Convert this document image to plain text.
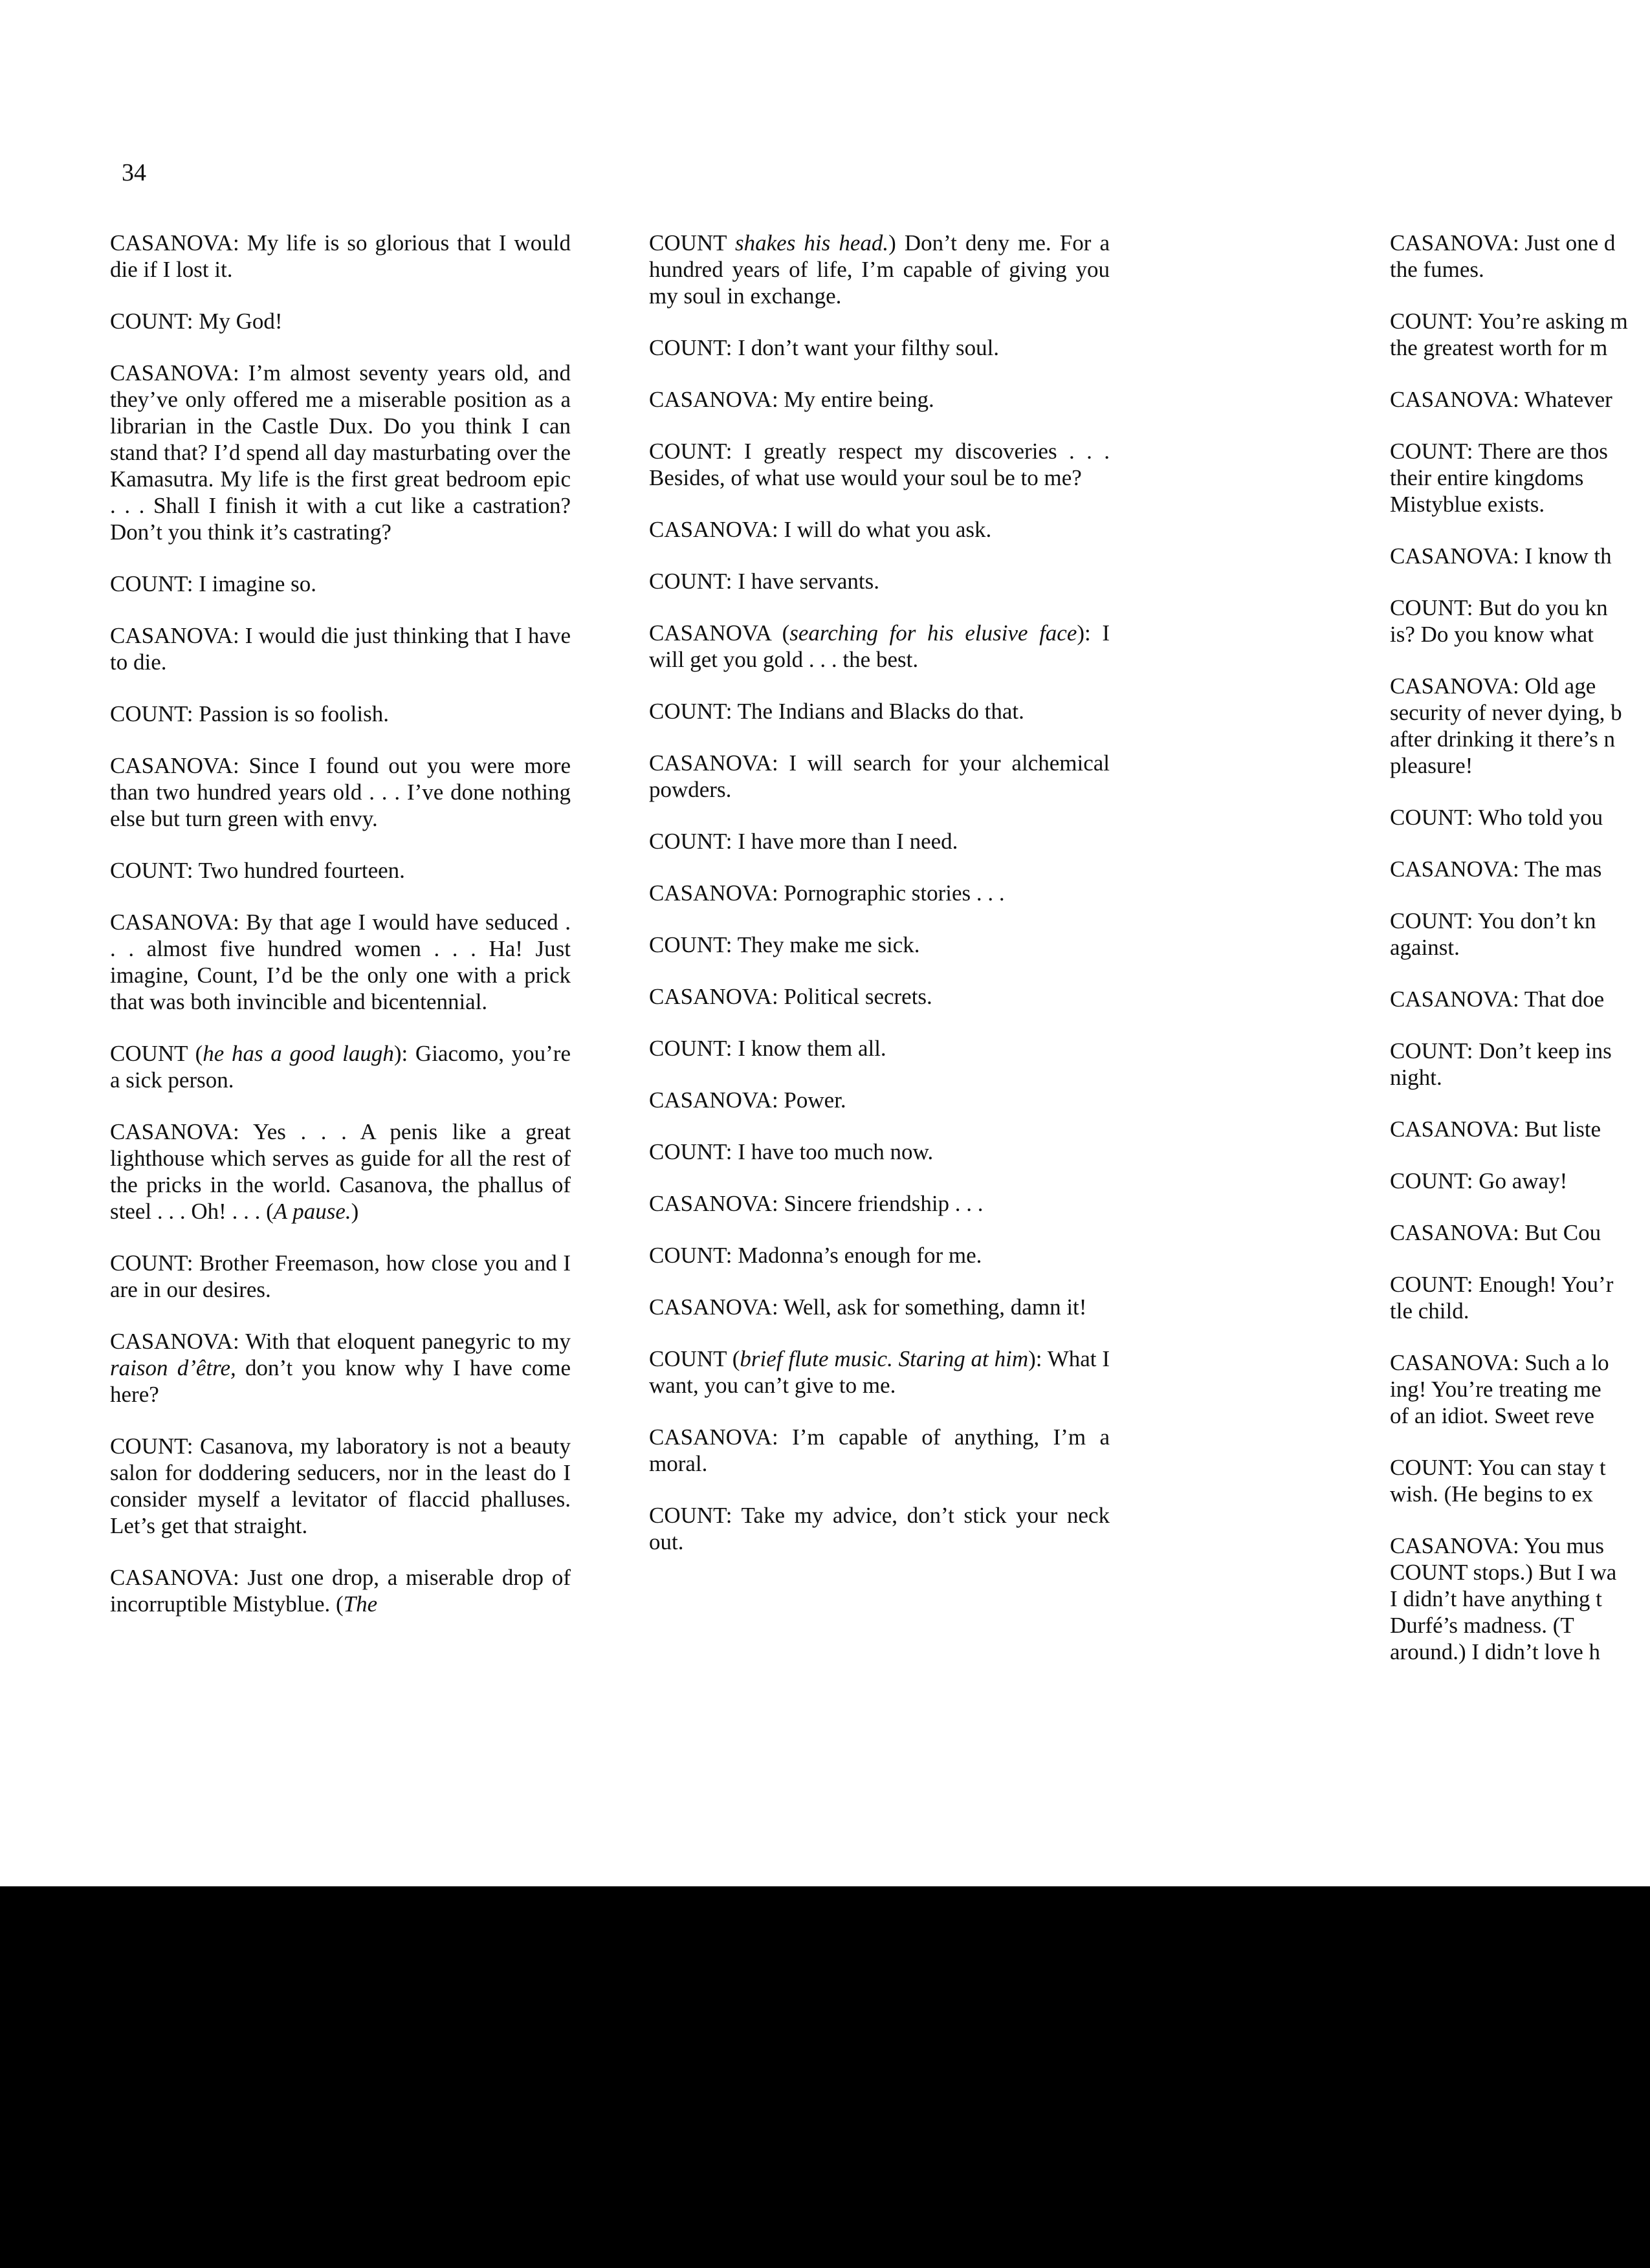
34

CASANOVA: My life is so glorious that I would die if I lost it.

COUNT: My God!

CASANOVA: I’m almost seventy years old, and they’ve only offered me a miserable position as a librarian in the Castle Dux. Do you think I can stand that? I’d spend all day masturbating over the Kamasutra. My life is the first great bedroom epic . . . Shall I finish it with a cut like a castration? Don’t you think it’s castrating?

COUNT: I imagine so.

CASANOVA: I would die just thinking that I have to die.

COUNT: Passion is so foolish.

CASANOVA: Since I found out you were more than two hundred years old . . . I’ve done nothing else but turn green with envy.

COUNT: Two hundred fourteen.

CASANOVA: By that age I would have seduced . . . almost five hundred women . . . Ha! Just imagine, Count, I’d be the only one with a prick that was both invincible and bicentennial.

COUNT (he has a good laugh): Giacomo, you’re a sick person.

CASANOVA: Yes . . . A penis like a great lighthouse which serves as guide for all the rest of the pricks in the world. Casanova, the phallus of steel . . . Oh! . . . (A pause.)

COUNT: Brother Freemason, how close you and I are in our desires.

CASANOVA: With that eloquent panegyric to my raison d’être, don’t you know why I have come here?

COUNT: Casanova, my laboratory is not a beauty salon for doddering seducers, nor in the least do I consider myself a levitator of flaccid phalluses. Let’s get that straight.

CASANOVA: Just one drop, a miserable drop of incorruptible Mistyblue. (The

COUNT shakes his head.) Don’t deny me. For a hundred years of life, I’m capable of giving you my soul in exchange.

COUNT: I don’t want your filthy soul.

CASANOVA: My entire being.

COUNT: I greatly respect my discoveries . . . Besides, of what use would your soul be to me?

CASANOVA: I will do what you ask.

COUNT: I have servants.

CASANOVA (searching for his elusive face): I will get you gold . . . the best.

COUNT: The Indians and Blacks do that.

CASANOVA: I will search for your alchemical powders.

COUNT: I have more than I need.

CASANOVA: Pornographic stories . . .

COUNT: They make me sick.

CASANOVA: Political secrets.

COUNT: I know them all.

CASANOVA: Power.

COUNT: I have too much now.

CASANOVA: Sincere friendship . . .

COUNT: Madonna’s enough for me.

CASANOVA: Well, ask for something, damn it!

COUNT (brief flute music. Staring at him): What I want, you can’t give to me.

CASANOVA: I’m capable of anything, I’m a moral.

COUNT: Take my advice, don’t stick your neck out.

CASANOVA: Just one d
the fumes.

COUNT: You’re asking m
the greatest worth for m

CASANOVA: Whatever

COUNT: There are thos
their entire kingdoms
Mistyblue exists.

CASANOVA: I know th

COUNT: But do you kn
is? Do you know what

CASANOVA: Old age
security of never dying, b
after drinking it there’s n
pleasure!

COUNT: Who told you

CASANOVA: The mas

COUNT: You don’t kn
against.

CASANOVA: That doe

COUNT: Don’t keep ins
night.

CASANOVA: But liste

COUNT: Go away!

CASANOVA: But Cou

COUNT: Enough! You’r
tle child.

CASANOVA: Such a lo
ing! You’re treating me
of an idiot. Sweet reve

COUNT: You can stay t
wish. (He begins to ex

CASANOVA: You mus
COUNT stops.) But I wa
I didn’t have anything t
Durfé’s madness. (T
around.) I didn’t love h
